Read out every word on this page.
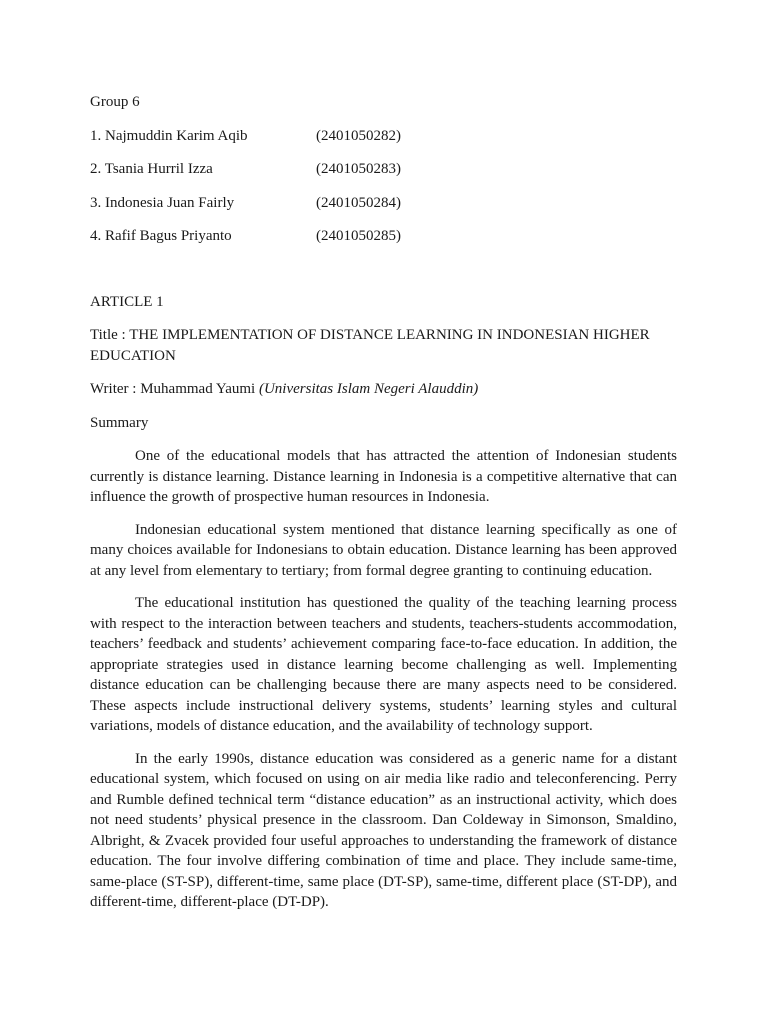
Group 6
1. Najmuddin Karim Aqib	(2401050282)
2. Tsania Hurril Izza	(2401050283)
3. Indonesia Juan Fairly	(2401050284)
4. Rafif Bagus Priyanto	(2401050285)
ARTICLE 1
Title : THE IMPLEMENTATION OF DISTANCE LEARNING IN INDONESIAN HIGHER EDUCATION
Writer : Muhammad Yaumi (Universitas Islam Negeri Alauddin)
Summary

One of the educational models that has attracted the attention of Indonesian students currently is distance learning. Distance learning in Indonesia is a competitive alternative that can influence the growth of prospective human resources in Indonesia.

Indonesian educational system mentioned that distance learning specifically as one of many choices available for Indonesians to obtain education. Distance learning has been approved at any level from elementary to tertiary; from formal degree granting to continuing education.

The educational institution has questioned the quality of the teaching learning process with respect to the interaction between teachers and students, teachers-students accommodation, teachers’ feedback and students’ achievement comparing face-to-face education. In addition, the appropriate strategies used in distance learning become challenging as well. Implementing distance education can be challenging because there are many aspects need to be considered. These aspects include instructional delivery systems, students’ learning styles and cultural variations, models of distance education, and the availability of technology support.

In the early 1990s, distance education was considered as a generic name for a distant educational system, which focused on using on air media like radio and teleconferencing. Perry and Rumble defined technical term “distance education” as an instructional activity, which does not need students’ physical presence in the classroom. Dan Coldeway in Simonson, Smaldino, Albright, & Zvacek provided four useful approaches to understanding the framework of distance education. The four involve differing combination of time and place. They include same-time, same-place (ST-SP), different-time, same place (DT-SP), same-time, different place (ST-DP), and different-time, different-place (DT-DP).
